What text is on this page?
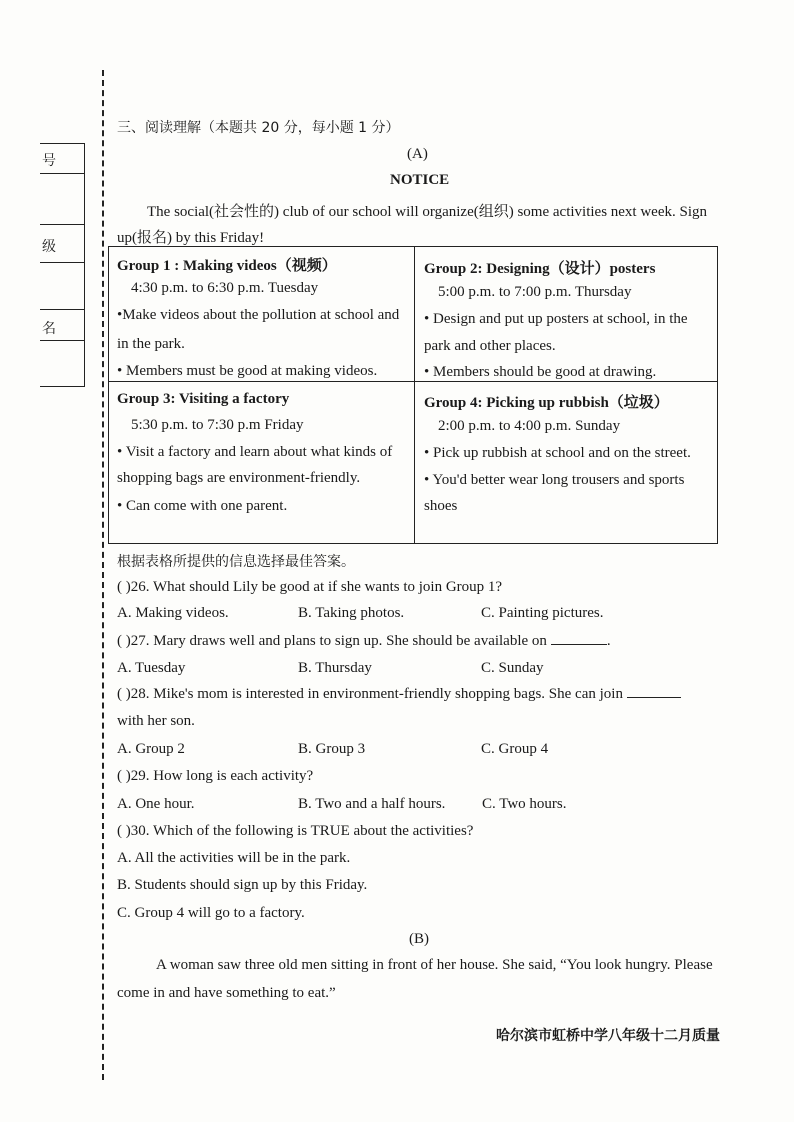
号
级
名
三、阅读理解（本题共 20 分，每小题 1 分）
(A)
NOTICE
The social(社会性的) club of our school will organize(组织) some activities next week. Sign
up(报名) by this Friday!
Group 1 : Making videos（视频）
4:30 p.m. to 6:30 p.m. Tuesday
•Make videos about the pollution at school and
in the park.
• Members must be good at making videos.
Group 2: Designing（设计）posters
5:00 p.m. to 7:00 p.m. Thursday
• Design and put up posters at school, in the
park and other places.
• Members should be good at drawing.
Group 3: Visiting a factory
5:30 p.m. to 7:30 p.m Friday
• Visit a factory and learn about what kinds of
shopping bags are environment-friendly.
• Can come with one parent.
Group 4: Picking up rubbish（垃圾）
2:00 p.m. to 4:00 p.m. Sunday
• Pick up rubbish at school and on the street.
• You'd better wear long trousers and sports
shoes
根据表格所提供的信息选择最佳答案。
( )26. What should Lily be good at if she wants to join Group 1?
A. Making videos.	B. Taking photos.	C. Painting pictures.
( )27. Mary draws well and plans to sign up. She should be available on	.
A. Tuesday	B. Thursday	C. Sunday
( )28. Mike's mom is interested in environment-friendly shopping bags. She can join
with her son.
A. Group 2	B. Group 3	C. Group 4
( )29. How long is each activity?
A. One hour.	B. Two and a half hours. C. Two hours.
( )30. Which of the following is TRUE about the activities?
A. All the activities will be in the park.
B. Students should sign up by this Friday.
C. Group 4 will go to a factory.
(B)
A woman saw three old men sitting in front of her house. She said, “You look hungry. Please
come in and have something to eat.”
哈尔滨市虹桥中学八年级十二月质量
